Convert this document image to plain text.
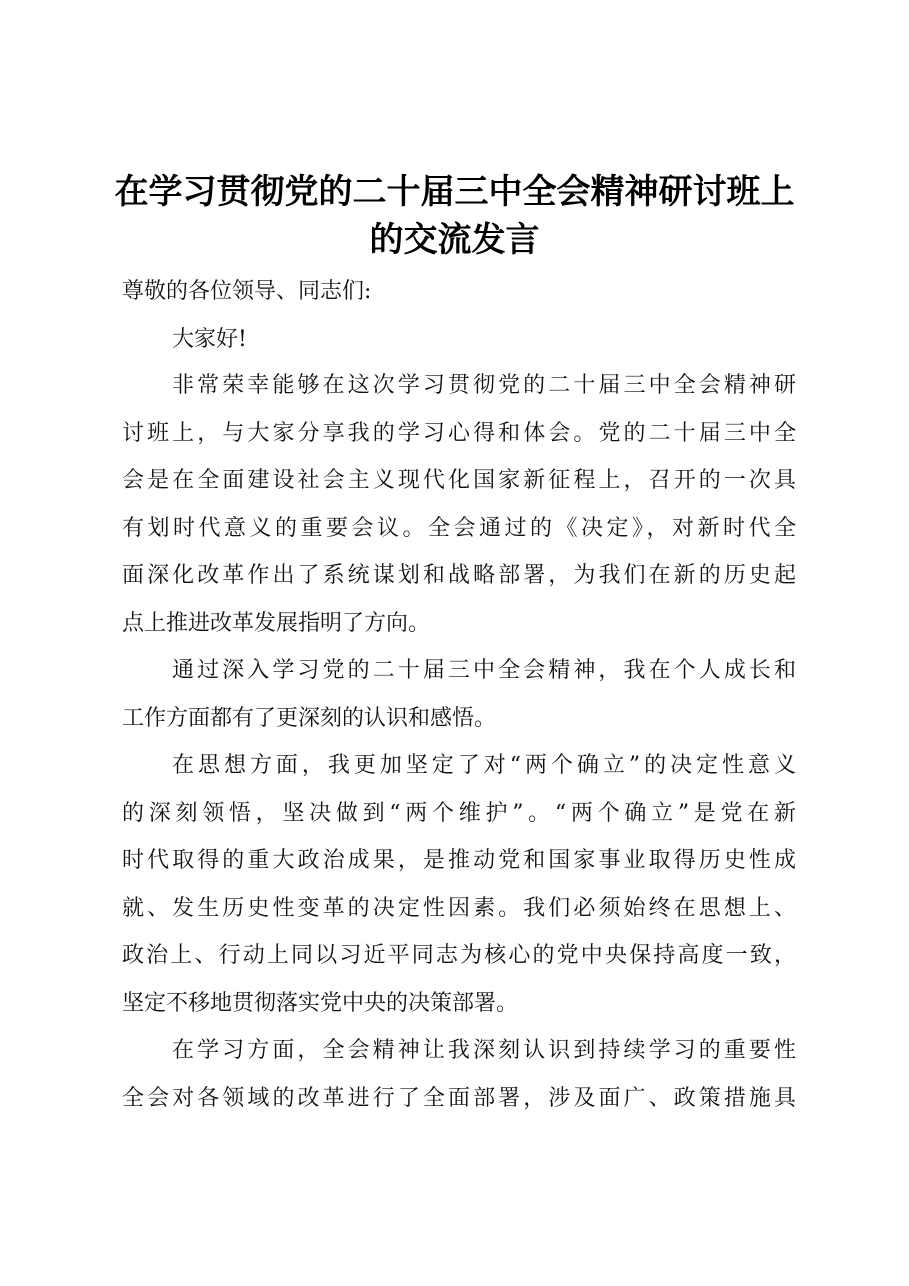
在学习贯彻党的二十届三中全会精神研讨班上
的交流发言
尊敬的各位领导、同志们:
大家好!
非常荣幸能够在这次学习贯彻党的二十届三中全会精神研
讨班上，与大家分享我的学习心得和体会。党的二十届三中全
会是在全面建设社会主义现代化国家新征程上，召开的一次具
有划时代意义的重要会议。全会通过的《决定》，对新时代全
面深化改革作出了系统谋划和战略部署，为我们在新的历史起
点上推进改革发展指明了方向。
通过深入学习党的二十届三中全会精神，我在个人成长和
工作方面都有了更深刻的认识和感悟。
在思想方面，我更加坚定了对“两个确立”的决定性意义
的深刻领悟，坚决做到“两个维护”。“两个确立”是党在新
时代取得的重大政治成果，是推动党和国家事业取得历史性成
就、发生历史性变革的决定性因素。我们必须始终在思想上、
政治上、行动上同以习近平同志为核心的党中央保持高度一致，
坚定不移地贯彻落实党中央的决策部署。
在学习方面，全会精神让我深刻认识到持续学习的重要性
全会对各领域的改革进行了全面部署，涉及面广、政策措施具
